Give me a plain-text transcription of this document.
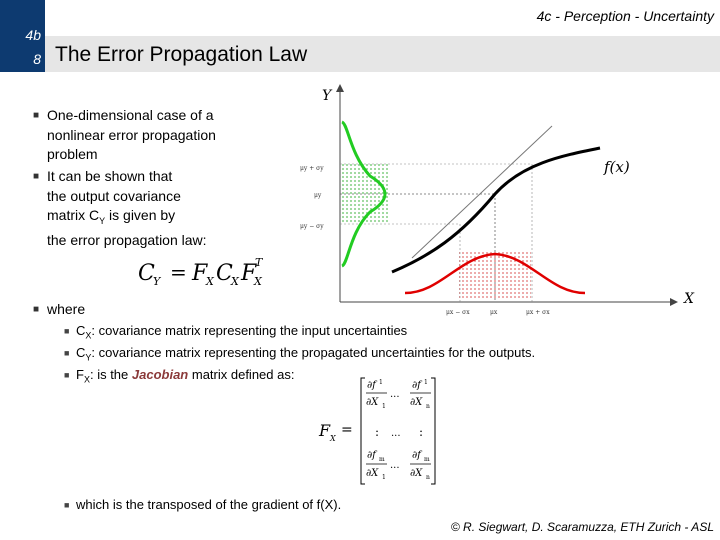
4b
8
4c - Perception - Uncertainty
The Error Propagation Law
■ One-dimensional case of a
nonlinear error propagation
problem
■ It can be shown that
the output covariance
matrix $C_Y$ is given by
the error propagation law:
C
Y = F
X C
X F
X
T
Y
X
f(x)
μy + σy
μy
μy − σy
μx − σx	μx	μx + σx
■ where
■ $C_X$: covariance matrix representing the input uncertainties
■ $C_Y$: covariance matrix representing the propagated uncertainties for the outputs.
■ $F_X$: is the Jacobian matrix defined as:
F X
=
∂f 1
∂X 1
...
∂f 1
∂X n
: ... :
∂f m
∂X 1
...
∂f m
∂X n
■ which is the transposed of the gradient of f(X).
© R. Siegwart, D. Scaramuzza, ETH Zurich - ASL
